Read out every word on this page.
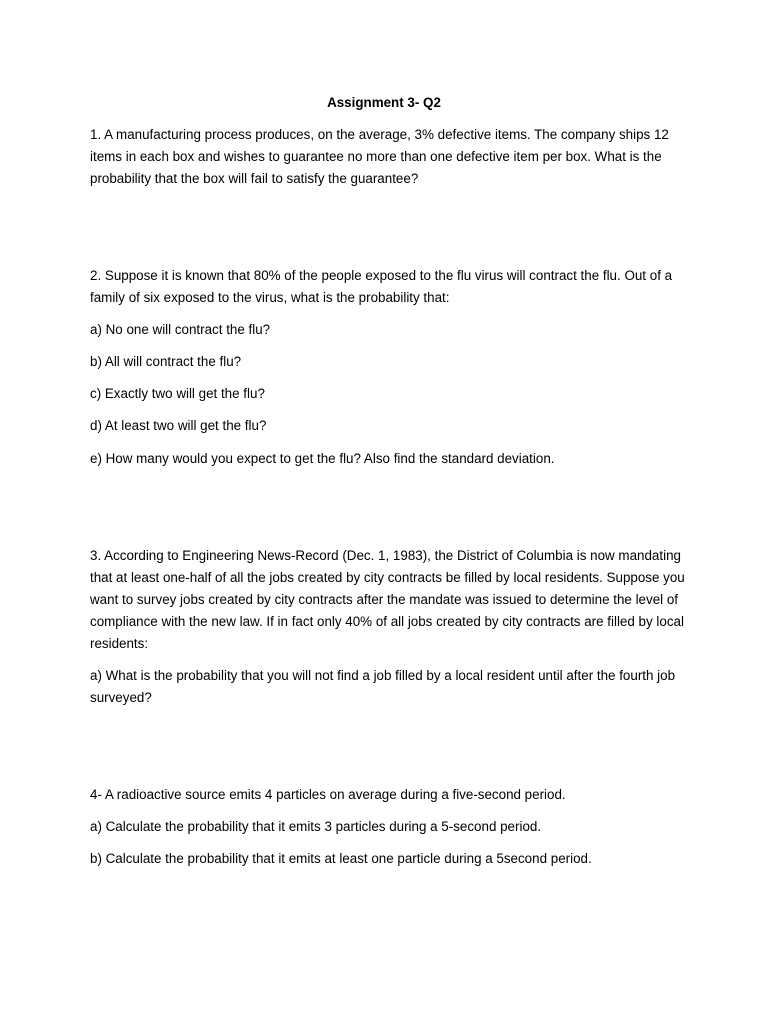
Assignment 3- Q2

1. A manufacturing process produces, on the average, 3% defective items. The company ships 12 items in each box and wishes to guarantee no more than one defective item per box. What is the probability that the box will fail to satisfy the guarantee?

2. Suppose it is known that 80% of the people exposed to the flu virus will contract the flu. Out of a family of six exposed to the virus, what is the probability that:

a) No one will contract the flu?
b) All will contract the flu?
c) Exactly two will get the flu?
d) At least two will get the flu?
e) How many would you expect to get the flu? Also find the standard deviation.

3. According to Engineering News-Record (Dec. 1, 1983), the District of Columbia is now mandating that at least one-half of all the jobs created by city contracts be filled by local residents. Suppose you want to survey jobs created by city contracts after the mandate was issued to determine the level of compliance with the new law. If in fact only 40% of all jobs created by city contracts are filled by local residents:

a) What is the probability that you will not find a job filled by a local resident until after the fourth job surveyed?

4- A radioactive source emits 4 particles on average during a five-second period.

a) Calculate the probability that it emits 3 particles during a 5-second period.
b) Calculate the probability that it emits at least one particle during a 5second period.
